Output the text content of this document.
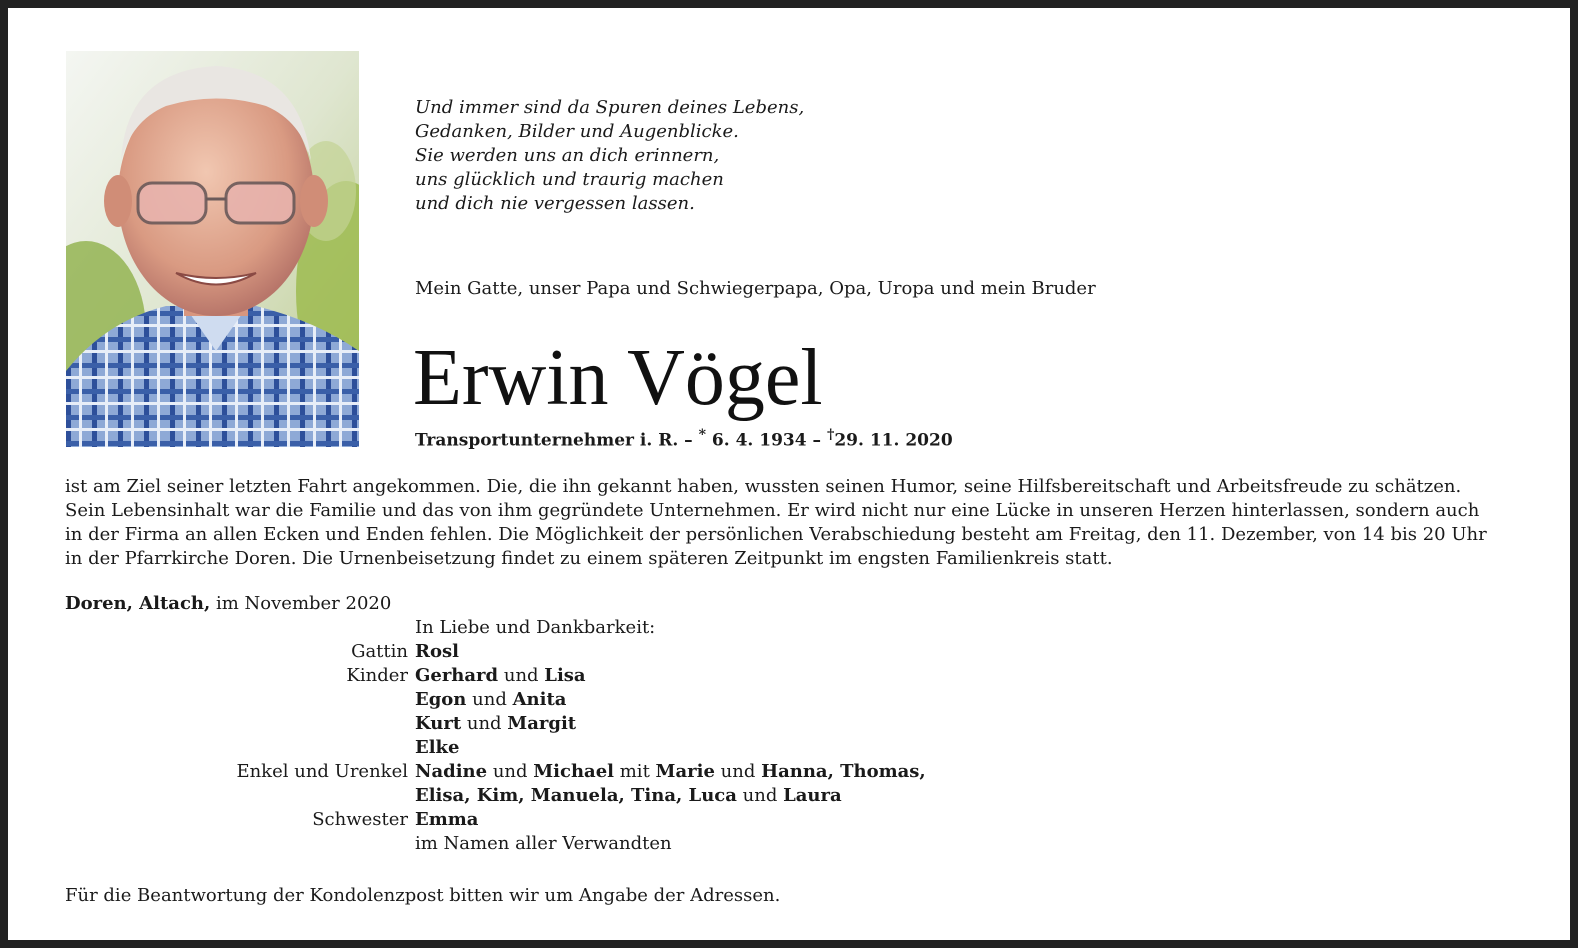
Und immer sind da Spuren deines Lebens,
Gedanken, Bilder und Augenblicke.
Sie werden uns an dich erinnern,
uns glücklich und traurig machen
und dich nie vergessen lassen.
Mein Gatte, unser Papa und Schwiegerpapa, Opa, Uropa und mein Bruder
Erwin Vögel
Transportunternehmer i. R. – * 6. 4. 1934 – †29. 11. 2020
ist am Ziel seiner letzten Fahrt angekommen. Die, die ihn gekannt haben, wussten seinen Humor, seine Hilfsbereitschaft und Arbeitsfreude zu schätzen.
Sein Lebensinhalt war die Familie und das von ihm gegründete Unternehmen. Er wird nicht nur eine Lücke in unseren Herzen hinterlassen, sondern auch
in der Firma an allen Ecken und Enden fehlen. Die Möglichkeit der persönlichen Verabschiedung besteht am Freitag, den 11. Dezember, von 14 bis 20 Uhr
in der Pfarrkirche Doren. Die Urnenbeisetzung findet zu einem späteren Zeitpunkt im engsten Familienkreis statt.
Doren, Altach, im November 2020
In Liebe und Dankbarkeit:
Gattin Rosl
Kinder Gerhard und Lisa
Egon und Anita
Kurt und Margit
Elke
Enkel und Urenkel Nadine und Michael mit Marie und Hanna, Thomas,
Elisa, Kim, Manuela, Tina, Luca und Laura
Schwester Emma
im Namen aller Verwandten
Für die Beantwortung der Kondolenzpost bitten wir um Angabe der Adressen.
